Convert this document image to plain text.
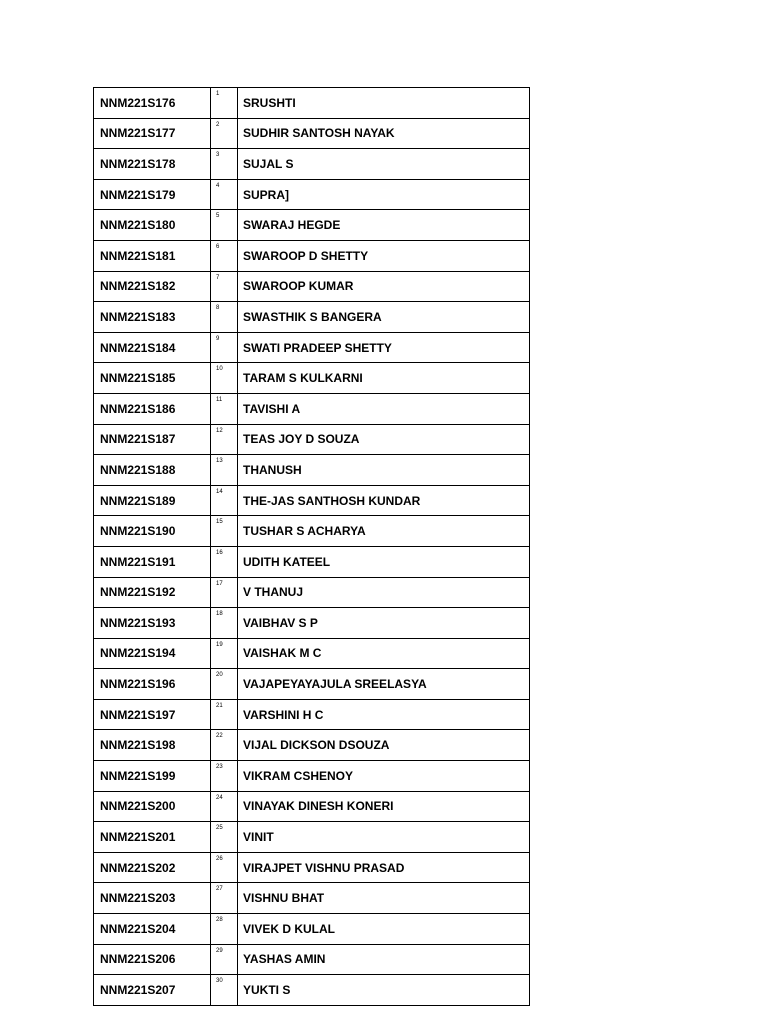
NNM221S176	1	SRUSHTI
NNM221S177	2	SUDHIR SANTOSH NAYAK
NNM221S178	3	SUJAL S
NNM221S179	4	SUPRA]
NNM221S180	5	SWARAJ HEGDE
NNM221S181	6	SWAROOP D SHETTY
NNM221S182	7	SWAROOP KUMAR
NNM221S183	8	SWASTHIK S BANGERA
NNM221S184	9	SWATI PRADEEP SHETTY
NNM221S185	10	TARAM S KULKARNI
NNM221S186	11	TAVISHI A
NNM221S187	12	TEAS JOY D SOUZA
NNM221S188	13	THANUSH
NNM221S189	14	THE-JAS SANTHOSH KUNDAR
NNM221S190	15	TUSHAR S ACHARYA
NNM221S191	16	UDITH KATEEL
NNM221S192	17	V THANUJ
NNM221S193	18	VAIBHAV S P
NNM221S194	19	VAISHAK M C
NNM221S196	20	VAJAPEYAYAJULA SREELASYA
NNM221S197	21	VARSHINI H C
NNM221S198	22	VIJAL DICKSON DSOUZA
NNM221S199	23	VIKRAM CSHENOY
NNM221S200	24	VINAYAK DINESH KONERI
NNM221S201	25	VINIT
NNM221S202	26	VIRAJPET VISHNU PRASAD
NNM221S203	27	VISHNU BHAT
NNM221S204	28	VIVEK D KULAL
NNM221S206	29	YASHAS AMIN
NNM221S207	30	YUKTI S
